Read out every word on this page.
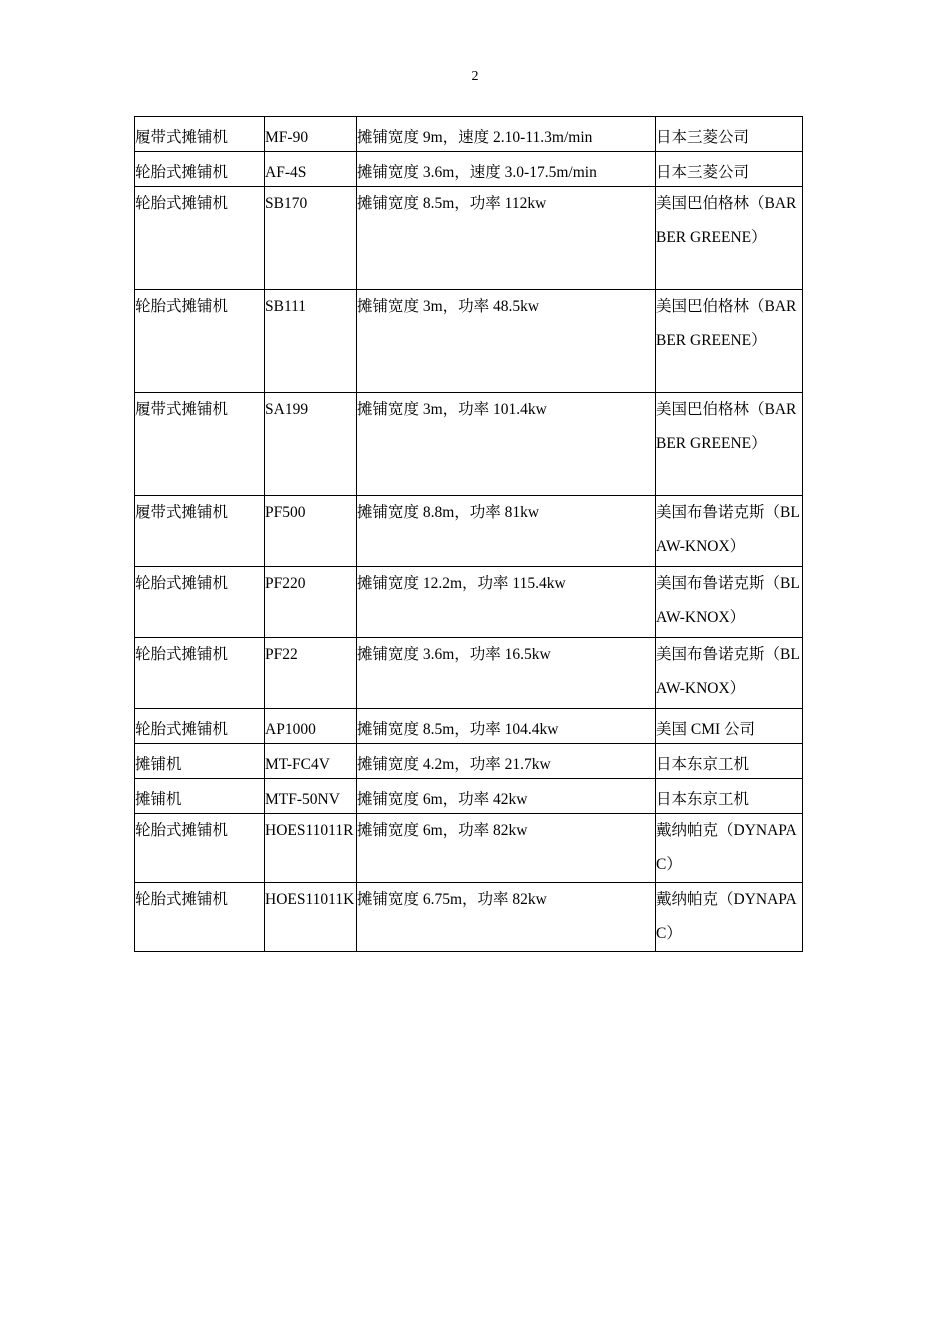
2
履带式摊铺机	MF-90	摊铺宽度 9m，速度 2.10-11.3m/min	日本三菱公司

轮胎式摊铺机	AF-4S	摊铺宽度 3.6m，速度 3.0-17.5m/min	日本三菱公司

轮胎式摊铺机	SB170	摊铺宽度 8.5m，功率 112kw	美国巴伯格林（BARBER GREENE）

轮胎式摊铺机	SB111	摊铺宽度 3m，功率 48.5kw	美国巴伯格林（BARBER GREENE）

履带式摊铺机	SA199	摊铺宽度 3m，功率 101.4kw	美国巴伯格林（BARBER GREENE）

履带式摊铺机	PF500	摊铺宽度 8.8m，功率 81kw	美国布鲁诺克斯（BL AW-KNOX）

轮胎式摊铺机	PF220	摊铺宽度 12.2m，功率 115.4kw	美国布鲁诺克斯（BL AW-KNOX）

轮胎式摊铺机	PF22	摊铺宽度 3.6m，功率 16.5kw	美国布鲁诺克斯（BL AW-KNOX）

轮胎式摊铺机	AP1000	摊铺宽度 8.5m，功率 104.4kw	美国 CMI 公司

摊铺机	MT-FC4V	摊铺宽度 4.2m，功率 21.7kw	日本东京工机

摊铺机	MTF-50NV	摊铺宽度 6m，功率 42kw	日本东京工机

轮胎式摊铺机	HOES11011R	摊铺宽度 6m，功率 82kw	戴纳帕克（DYNAPAC）

轮胎式摊铺机	HOES11011K	摊铺宽度 6.75m，功率 82kw	戴纳帕克（DYNAPAC）
